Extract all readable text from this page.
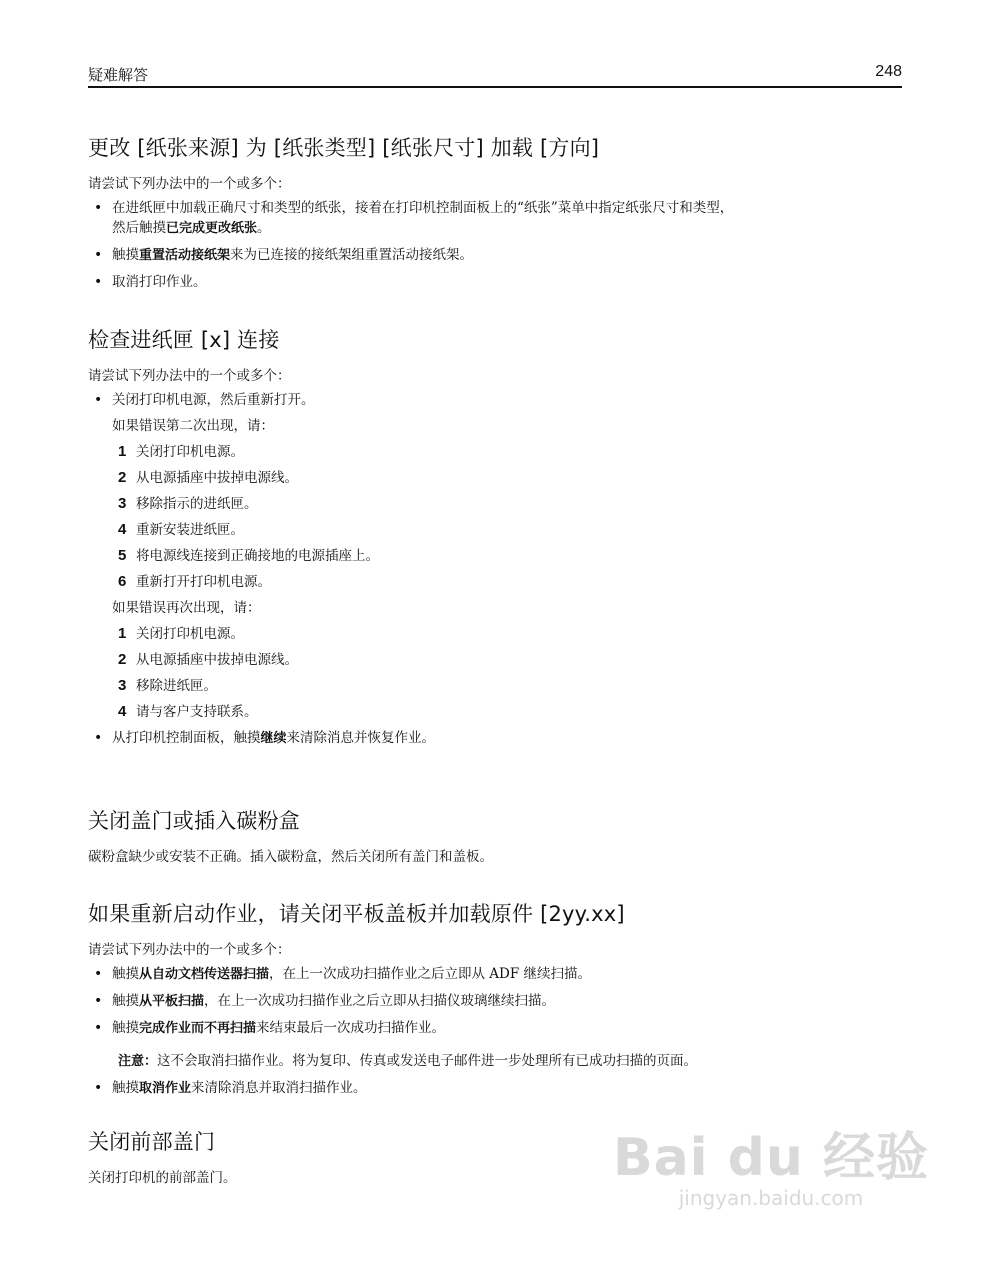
疑难解答	248
更改 [纸张来源] 为 [纸张类型] [纸张尺寸] 加载 [方向]

请尝试下列办法中的一个或多个：

• 在进纸匣中加载正确尺寸和类型的纸张，接着在打印机控制面板上的“纸张”菜单中指定纸张尺寸和类型，
然后触摸已完成更改纸张。
• 触摸重置活动接纸架来为已连接的接纸架组重置活动接纸架。
• 取消打印作业。
检查进纸匣 [x] 连接

请尝试下列办法中的一个或多个：

• 关闭打印机电源，然后重新打开。
如果错误第二次出现，请：
1 关闭打印机电源。
2 从电源插座中拔掉电源线。
3 移除指示的进纸匣。
4 重新安装进纸匣。
5 将电源线连接到正确接地的电源插座上。
6 重新打开打印机电源。
如果错误再次出现，请：
1 关闭打印机电源。
2 从电源插座中拔掉电源线。
3 移除进纸匣。
4 请与客户支持联系。
• 从打印机控制面板，触摸继续来清除消息并恢复作业。
关闭盖门或插入碳粉盒

碳粉盒缺少或安装不正确。插入碳粉盒，然后关闭所有盖门和盖板。

如果重新启动作业，请关闭平板盖板并加载原件 [2yy.xx]

请尝试下列办法中的一个或多个：

• 触摸从自动文档传送器扫描，在上一次成功扫描作业之后立即从 ADF 继续扫描。
• 触摸从平板扫描，在上一次成功扫描作业之后立即从扫描仪玻璃继续扫描。
• 触摸完成作业而不再扫描来结束最后一次成功扫描作业。
注意：这不会取消扫描作业。将为复印、传真或发送电子邮件进一步处理所有已成功扫描的页面。
• 触摸取消作业来清除消息并取消扫描作业。
关闭前部盖门

关闭打印机的前部盖门。	Bai du 经验
jingyan.baidu.com
